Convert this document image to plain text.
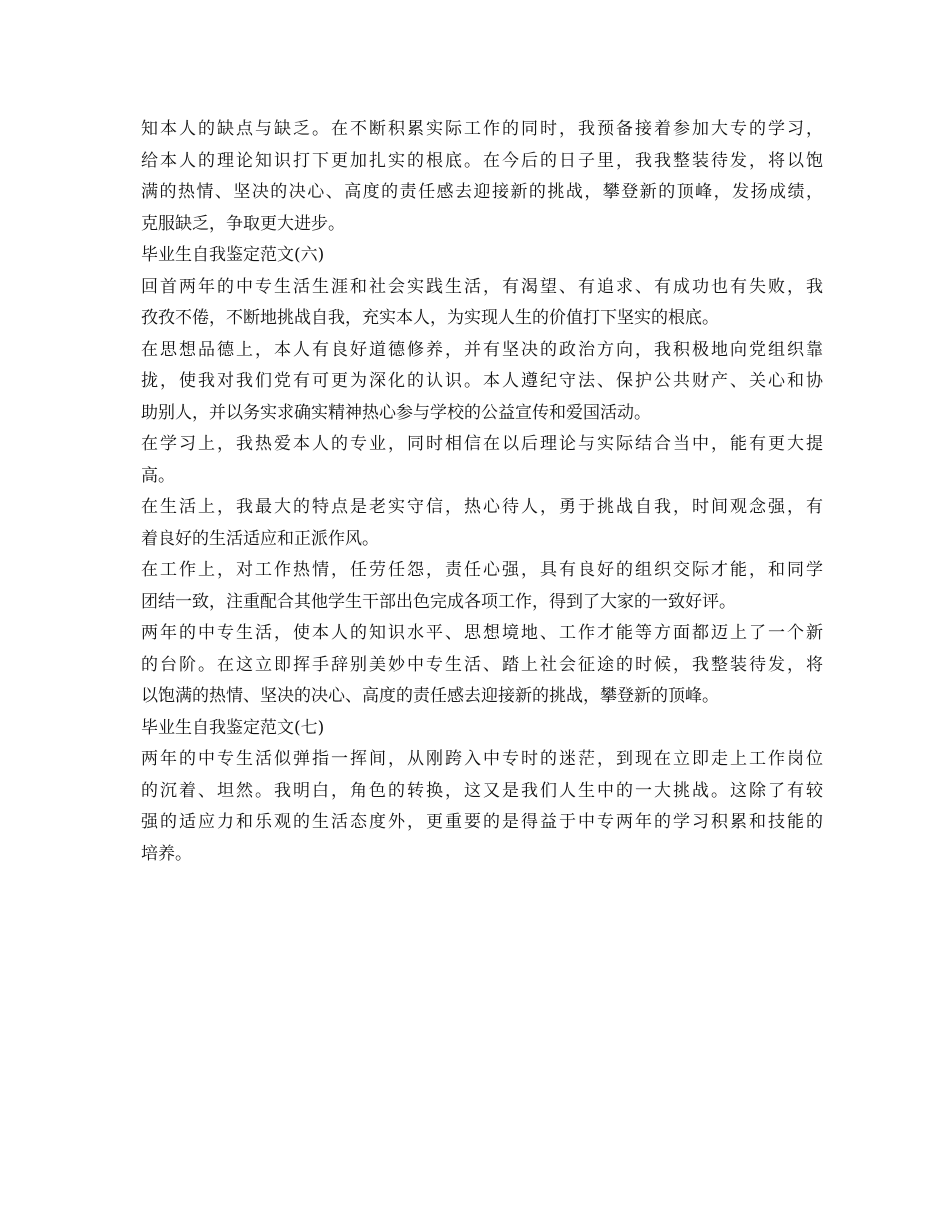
知本人的缺点与缺乏。在不断积累实际工作的同时，我预备接着参加大专的学习，
给本人的理论知识打下更加扎实的根底。在今后的日子里，我我整装待发，将以饱
满的热情、坚决的决心、高度的责任感去迎接新的挑战，攀登新的顶峰，发扬成绩，
克服缺乏，争取更大进步。
毕业生自我鉴定范文(六)
回首两年的中专生活生涯和社会实践生活，有渴望、有追求、有成功也有失败，我
孜孜不倦，不断地挑战自我，充实本人，为实现人生的价值打下坚实的根底。
在思想品德上，本人有良好道德修养，并有坚决的政治方向，我积极地向党组织靠
拢，使我对我们党有可更为深化的认识。本人遵纪守法、保护公共财产、关心和协
助别人，并以务实求确实精神热心参与学校的公益宣传和爱国活动。
在学习上，我热爱本人的专业，同时相信在以后理论与实际结合当中，能有更大提
高。
在生活上，我最大的特点是老实守信，热心待人，勇于挑战自我，时间观念强，有
着良好的生活适应和正派作风。
在工作上，对工作热情，任劳任怨，责任心强，具有良好的组织交际才能，和同学
团结一致，注重配合其他学生干部出色完成各项工作，得到了大家的一致好评。
两年的中专生活，使本人的知识水平、思想境地、工作才能等方面都迈上了一个新
的台阶。在这立即挥手辞别美妙中专生活、踏上社会征途的时候，我整装待发，将
以饱满的热情、坚决的决心、高度的责任感去迎接新的挑战，攀登新的顶峰。
毕业生自我鉴定范文(七)
两年的中专生活似弹指一挥间，从刚跨入中专时的迷茫，到现在立即走上工作岗位
的沉着、坦然。我明白，角色的转换，这又是我们人生中的一大挑战。这除了有较
强的适应力和乐观的生活态度外，更重要的是得益于中专两年的学习积累和技能的
培养。
